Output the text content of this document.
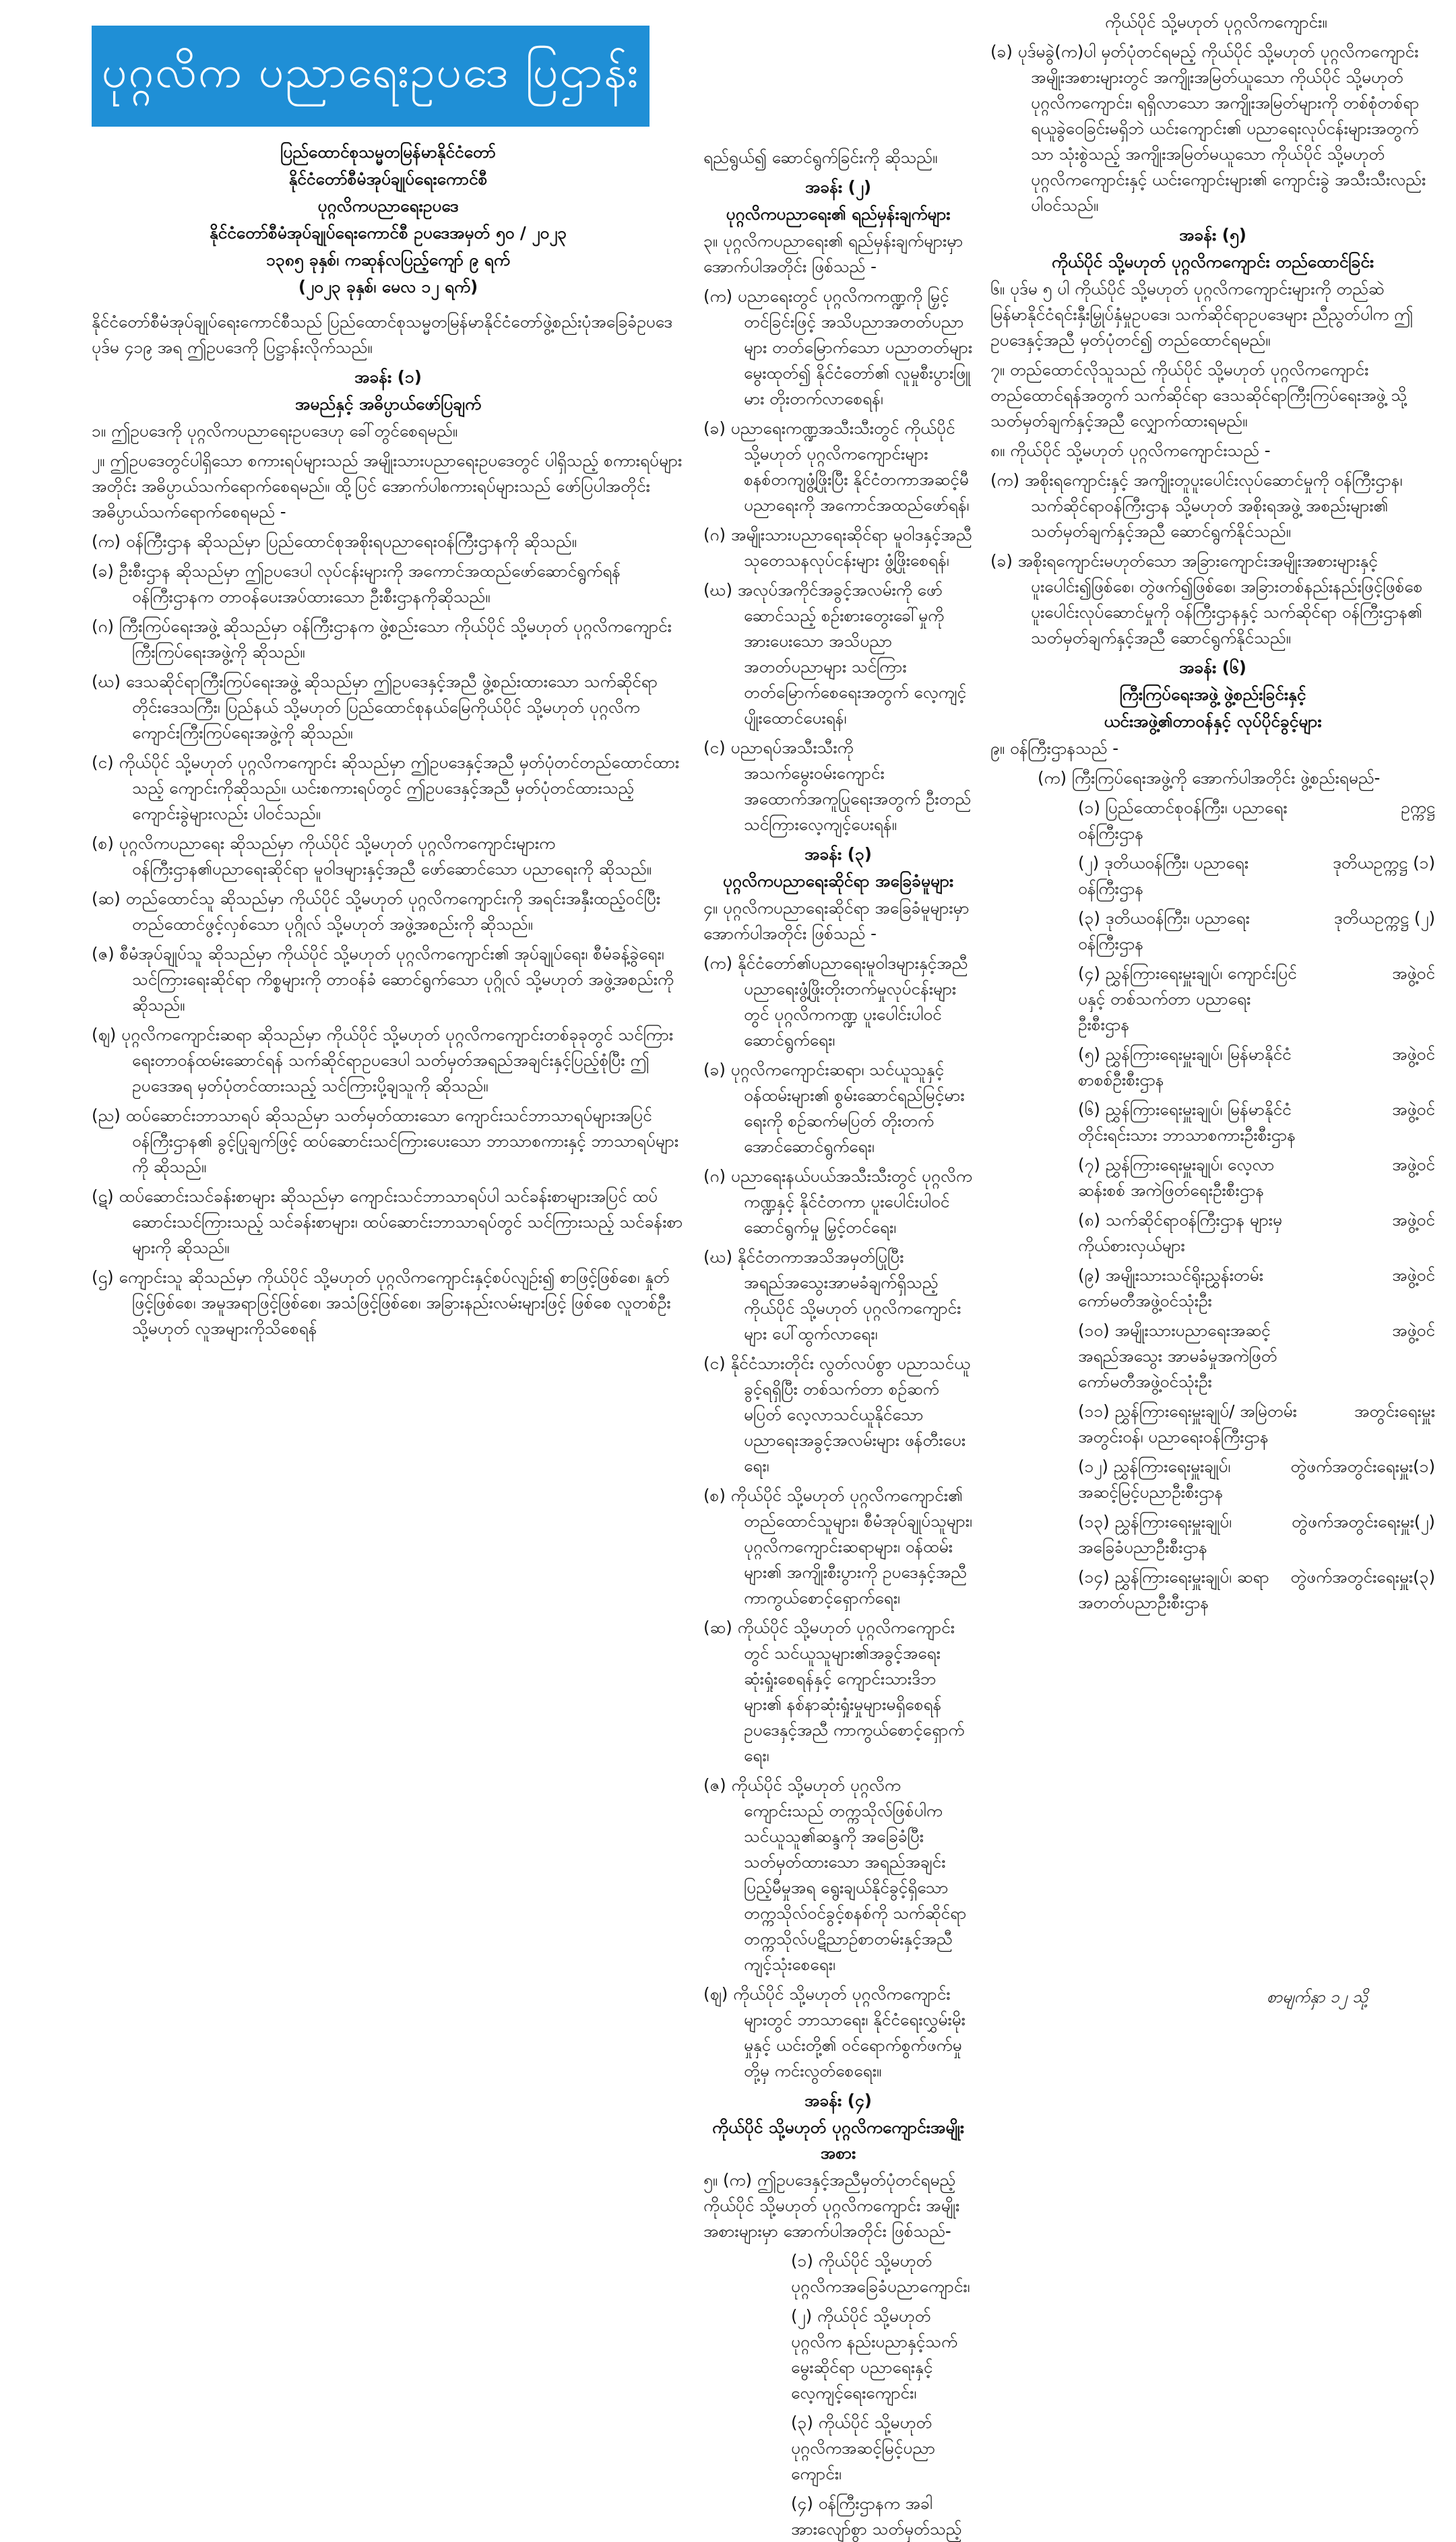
ပုဂ္ဂလိက ပညာရေးဥပဒေ ပြဌာန်း
ပြည်ထောင်စုသမ္မတမြန်မာနိုင်ငံတော်
နိုင်ငံတော်စီမံအုပ်ချုပ်ရေးကောင်စီ
ပုဂ္ဂလိကပညာရေးဥပဒေ
နိုင်ငံတော်စီမံအုပ်ချုပ်ရေးကောင်စီ ဥပဒေအမှတ် ၅၀ / ၂၀၂၃
၁၃၈၅ ခုနှစ်၊ ကဆုန်လပြည့်ကျော် ၉ ရက်
(၂၀၂၃ ခုနှစ်၊ မေလ ၁၂ ရက်)
နိုင်ငံတော်စီမံအုပ်ချုပ်ရေးကောင်စီသည် ပြည်ထောင်စုသမ္မတမြန်မာနိုင်ငံတော်ဖွဲ့စည်းပုံအခြေခံဥပဒေပုဒ်မ ၄၁၉ အရ ဤဥပဒေကို ပြဋ္ဌာန်းလိုက်သည်။
အခန်း (၁)
အမည်နှင့် အဓိပ္ပာယ်ဖော်ပြချက်
၁။ ဤဥပဒေကို ပုဂ္ဂလိကပညာရေးဥပဒေဟု ခေါ်တွင်စေရမည်။
၂။ ဤဥပဒေတွင်ပါရှိသော စကားရပ်များသည် အမျိုးသားပညာရေးဥပဒေတွင် ပါရှိသည့် စကားရပ်များအတိုင်း အဓိပ္ပာယ်သက်ရောက်စေရမည်။ ထို့ပြင် အောက်ပါစကားရပ်များသည် ဖော်ပြပါအတိုင်း အဓိပ္ပာယ်သက်ရောက်စေရမည် -
(က) ဝန်ကြီးဌာန ဆိုသည်မှာ ပြည်ထောင်စုအစိုးရပညာရေးဝန်ကြီးဌာနကို ဆိုသည်။
(ခ) ဦးစီးဌာန ဆိုသည်မှာ ဤဥပဒေပါ လုပ်ငန်းများကို အကောင်အထည်ဖော်ဆောင်ရွက်ရန် ဝန်ကြီးဌာနက တာဝန်ပေးအပ်ထားသော ဦးစီးဌာနကိုဆိုသည်။
(ဂ) ကြီးကြပ်ရေးအဖွဲ့ ဆိုသည်မှာ ဝန်ကြီးဌာနက ဖွဲ့စည်းသော ကိုယ်ပိုင် သို့မဟုတ် ပုဂ္ဂလိကကျောင်းကြီးကြပ်ရေးအဖွဲ့ကို ဆိုသည်။
(ဃ) ဒေသဆိုင်ရာကြီးကြပ်ရေးအဖွဲ့ ဆိုသည်မှာ ဤဥပဒေနှင့်အညီ ဖွဲ့စည်းထားသော သက်ဆိုင်ရာ တိုင်းဒေသကြီး၊ ပြည်နယ် သို့မဟုတ် ပြည်ထောင်စုနယ်မြေကိုယ်ပိုင် သို့မဟုတ် ပုဂ္ဂလိကကျောင်းကြီးကြပ်ရေးအဖွဲ့ကို ဆိုသည်။
(င) ကိုယ်ပိုင် သို့မဟုတ် ပုဂ္ဂလိကကျောင်း ဆိုသည်မှာ ဤဥပဒေနှင့်အညီ မှတ်ပုံတင်တည်ထောင်ထားသည့် ကျောင်းကိုဆိုသည်။ ယင်းစကားရပ်တွင် ဤဥပဒေနှင့်အညီ မှတ်ပုံတင်ထားသည့် ကျောင်းခွဲများလည်း ပါဝင်သည်။
(စ) ပုဂ္ဂလိကပညာရေး ဆိုသည်မှာ ကိုယ်ပိုင် သို့မဟုတ် ပုဂ္ဂလိကကျောင်းများက ဝန်ကြီးဌာန၏ပညာရေးဆိုင်ရာ မူဝါဒများနှင့်အညီ ဖော်ဆောင်သော ပညာရေးကို ဆိုသည်။
(ဆ) တည်ထောင်သူ ဆိုသည်မှာ ကိုယ်ပိုင် သို့မဟုတ် ပုဂ္ဂလိကကျောင်းကို အရင်းအနှီးထည့်ဝင်ပြီး တည်ထောင်ဖွင့်လှစ်သော ပုဂ္ဂိုလ် သို့မဟုတ် အဖွဲ့အစည်းကို ဆိုသည်။
(ဇ) စီမံအုပ်ချုပ်သူ ဆိုသည်မှာ ကိုယ်ပိုင် သို့မဟုတ် ပုဂ္ဂလိကကျောင်း၏ အုပ်ချုပ်ရေး၊ စီမံခန့်ခွဲရေး၊ သင်ကြားရေးဆိုင်ရာ ကိစ္စများကို တာဝန်ခံ ဆောင်ရွက်သော ပုဂ္ဂိုလ် သို့မဟုတ် အဖွဲ့အစည်းကိုဆိုသည်။
(ဈ) ပုဂ္ဂလိကကျောင်းဆရာ ဆိုသည်မှာ ကိုယ်ပိုင် သို့မဟုတ် ပုဂ္ဂလိကကျောင်းတစ်ခုခုတွင် သင်ကြားရေးတာဝန်ထမ်းဆောင်ရန် သက်ဆိုင်ရာဥပဒေပါ သတ်မှတ်အရည်အချင်းနှင့်ပြည့်စုံပြီး ဤဥပဒေအရ မှတ်ပုံတင်ထားသည့် သင်ကြားပို့ချသူကို ဆိုသည်။
(ည) ထပ်ဆောင်းဘာသာရပ် ဆိုသည်မှာ သတ်မှတ်ထားသော ကျောင်းသင်ဘာသာရပ်များအပြင် ဝန်ကြီးဌာန၏ ခွင့်ပြုချက်ဖြင့် ထပ်ဆောင်းသင်ကြားပေးသော ဘာသာစကားနှင့် ဘာသာရပ်များကို ဆိုသည်။
(ဋ) ထပ်ဆောင်းသင်ခန်းစာများ ဆိုသည်မှာ ကျောင်းသင်ဘာသာရပ်ပါ သင်ခန်းစာများအပြင် ထပ်ဆောင်းသင်ကြားသည့် သင်ခန်းစာများ၊ ထပ်ဆောင်းဘာသာရပ်တွင် သင်ကြားသည့် သင်ခန်းစာများကို ဆိုသည်။
(ဌ) ကျောင်းသူ ဆိုသည်မှာ ကိုယ်ပိုင် သို့မဟုတ် ပုဂ္ဂလိကကျောင်းနှင့်စပ်လျဉ်း၍ စာဖြင့်ဖြစ်စေ၊ နှုတ်ဖြင့်ဖြစ်စေ၊ အမူအရာဖြင့်ဖြစ်စေ၊ အသံဖြင့်ဖြစ်စေ၊ အခြားနည်းလမ်းများဖြင့် ဖြစ်စေ လူတစ်ဦး သို့မဟုတ် လူအများကိုသိစေရန်
ရည်ရွယ်၍ ဆောင်ရွက်ခြင်းကို ဆိုသည်။
အခန်း (၂)
ပုဂ္ဂလိကပညာရေး၏ ရည်မှန်းချက်များ
၃။ ပုဂ္ဂလိကပညာရေး၏ ရည်မှန်းချက်များမှာ အောက်ပါအတိုင်း ဖြစ်သည် -
(က) ပညာရေးတွင် ပုဂ္ဂလိကကဏ္ဍကို မြှင့်တင်ခြင်းဖြင့် အသိပညာအတတ်ပညာများ တတ်မြောက်သော ပညာတတ်များ မွေးထုတ်၍ နိုင်ငံတော်၏ လူမှုစီးပွားဖြူမား တိုးတက်လာစေရန်၊
(ခ) ပညာရေးကဏ္ဍအသီးသီးတွင် ကိုယ်ပိုင် သို့မဟုတ် ပုဂ္ဂလိကကျောင်းများ စနစ်တကျဖွံ့ဖြိုးပြီး နိုင်ငံတကာအဆင့်မီ ပညာရေးကို အကောင်အထည်ဖော်ရန်၊
(ဂ) အမျိုးသားပညာရေးဆိုင်ရာ မူဝါဒနှင့်အညီ သုတေသနလုပ်ငန်းများ ဖွံ့ဖြိုးစေရန်၊
(ဃ) အလုပ်အကိုင်အခွင့်အလမ်းကို ဖော်ဆောင်သည့် စဉ်းစားတွေးခေါ်မှုကို အားပေးသော အသိပညာ အတတ်ပညာများ သင်ကြားတတ်မြောက်စေရေးအတွက် လေ့ကျင့်ပျိုးထောင်ပေးရန်၊
(င) ပညာရပ်အသီးသီးကို အသက်မွေးဝမ်းကျောင်း အထောက်အကူပြုရေးအတွက် ဦးတည် သင်ကြားလေ့ကျင့်ပေးရန်။
အခန်း (၃)
ပုဂ္ဂလိကပညာရေးဆိုင်ရာ အခြေခံမူများ
၄။ ပုဂ္ဂလိကပညာရေးဆိုင်ရာ အခြေခံမူများမှာ အောက်ပါအတိုင်း ဖြစ်သည် -
(က) နိုင်ငံတော်၏ပညာရေးမူဝါဒများနှင့်အညီ ပညာရေးဖွံ့ဖြိုးတိုးတက်မှုလုပ်ငန်းများတွင် ပုဂ္ဂလိကကဏ္ဍ ပူးပေါင်းပါဝင်ဆောင်ရွက်ရေး၊
(ခ) ပုဂ္ဂလိကကျောင်းဆရာ၊ သင်ယူသူနှင့် ဝန်ထမ်းများ၏ စွမ်းဆောင်ရည်မြင့်မားရေးကို စဉ်ဆက်မပြတ် တိုးတက်အောင်ဆောင်ရွက်ရေး၊
(ဂ) ပညာရေးနယ်ပယ်အသီးသီးတွင် ပုဂ္ဂလိကကဏ္ဍနှင့် နိုင်ငံတကာ ပူးပေါင်းပါဝင်ဆောင်ရွက်မှု မြှင့်တင်ရေး၊
(ဃ) နိုင်ငံတကာအသိအမှတ်ပြုပြီး အရည်အသွေးအာမခံချက်ရှိသည့် ကိုယ်ပိုင် သို့မဟုတ် ပုဂ္ဂလိကကျောင်းများ ပေါ်ထွက်လာရေး၊
(င) နိုင်ငံသားတိုင်း လွတ်လပ်စွာ ပညာသင်ယူခွင့်ရရှိပြီး တစ်သက်တာ စဉ်ဆက်မပြတ် လေ့လာသင်ယူနိုင်သော ပညာရေးအခွင့်အလမ်းများ ဖန်တီးပေးရေး၊
(စ) ကိုယ်ပိုင် သို့မဟုတ် ပုဂ္ဂလိကကျောင်း၏ တည်ထောင်သူများ၊ စီမံအုပ်ချုပ်သူများ၊ ပုဂ္ဂလိကကျောင်းဆရာများ၊ ဝန်ထမ်းများ၏ အကျိုးစီးပွားကို ဥပဒေနှင့်အညီ ကာကွယ်စောင့်ရှောက်ရေး၊
(ဆ) ကိုယ်ပိုင် သို့မဟုတ် ပုဂ္ဂလိကကျောင်းတွင် သင်ယူသူများ၏အခွင့်အရေး ဆုံးရှုံးစေရန်နှင့် ကျောင်းသားဒိဘများ၏ နစ်နာဆုံးရှုံးမှုများမရှိစေရန် ဥပဒေနှင့်အညီ ကာကွယ်စောင့်ရှောက်ရေး၊
(ဇ) ကိုယ်ပိုင် သို့မဟုတ် ပုဂ္ဂလိကကျောင်းသည် တက္ကသိုလ်ဖြစ်ပါက သင်ယူသူ၏ဆန္ဒကို အခြေခံပြီး သတ်မှတ်ထားသော အရည်အချင်းပြည့်မီမှုအရ ရွေးချယ်နိုင်ခွင့်ရှိသော တက္ကသိုလ်ဝင်ခွင့်စနစ်ကို သက်ဆိုင်ရာ တက္ကသိုလ်ပဋိညာဉ်စာတမ်းနှင့်အညီ ကျင့်သုံးစေရေး၊
(ဈ) ကိုယ်ပိုင် သို့မဟုတ် ပုဂ္ဂလိကကျောင်းများတွင် ဘာသာရေး၊ နိုင်ငံရေးလွှမ်းမိုးမှုနှင့် ယင်းတို့၏ ဝင်ရောက်စွက်ဖက်မှုတို့မှ ကင်းလွတ်စေရေး။
အခန်း (၄)
ကိုယ်ပိုင် သို့မဟုတ် ပုဂ္ဂလိကကျောင်းအမျိုးအစား
၅။ (က) ဤဥပဒေနှင့်အညီမှတ်ပုံတင်ရမည့် ကိုယ်ပိုင် သို့မဟုတ် ပုဂ္ဂလိကကျောင်း အမျိုးအစားများမှာ အောက်ပါအတိုင်း ဖြစ်သည်-
(၁) ကိုယ်ပိုင် သို့မဟုတ် ပုဂ္ဂလိကအခြေခံပညာကျောင်း၊
(၂) ကိုယ်ပိုင် သို့မဟုတ် ပုဂ္ဂလိက နည်းပညာနှင့်သက်မွေးဆိုင်ရာ ပညာရေးနှင့် လေ့ကျင့်ရေးကျောင်း၊
(၃) ကိုယ်ပိုင် သို့မဟုတ် ပုဂ္ဂလိကအဆင့်မြင့်ပညာကျောင်း၊
(၄) ဝန်ကြီးဌာနက အခါအားလျော်စွာ သတ်မှတ်သည့်
ကိုယ်ပိုင် သို့မဟုတ် ပုဂ္ဂလိကကျောင်း။
(ခ) ပုဒ်မခွဲ(က)ပါ မှတ်ပုံတင်ရမည့် ကိုယ်ပိုင် သို့မဟုတ် ပုဂ္ဂလိကကျောင်း အမျိုးအစားများတွင် အကျိုးအမြတ်ယူသော ကိုယ်ပိုင် သို့မဟုတ် ပုဂ္ဂလိကကျောင်း၊ ရရှိလာသော အကျိုးအမြတ်များကို တစ်စုံတစ်ရာ ရယူခွဲဝေခြင်းမရှိဘဲ ယင်းကျောင်း၏ ပညာရေးလုပ်ငန်းများအတွက်သာ သုံးစွဲသည့် အကျိုးအမြတ်မယူသော ကိုယ်ပိုင် သို့မဟုတ် ပုဂ္ဂလိကကျောင်းနှင့် ယင်းကျောင်းများ၏ ကျောင်းခွဲ အသီးသီးလည်း ပါဝင်သည်။
အခန်း (၅)
ကိုယ်ပိုင် သို့မဟုတ် ပုဂ္ဂလိကကျောင်း တည်ထောင်ခြင်း
၆။ ပုဒ်မ ၅ ပါ ကိုယ်ပိုင် သို့မဟုတ် ပုဂ္ဂလိကကျောင်းများကို တည်ဆဲမြန်မာနိုင်ငံရင်းနှီးမြှုပ်နှံမှုဥပဒေ၊ သက်ဆိုင်ရာဥပဒေများ ညီညွတ်ပါက ဤဥပဒေနှင့်အညီ မှတ်ပုံတင်၍ တည်ထောင်ရမည်။
၇။ တည်ထောင်လိုသူသည် ကိုယ်ပိုင် သို့မဟုတ် ပုဂ္ဂလိကကျောင်း တည်ထောင်ရန်အတွက် သက်ဆိုင်ရာ ဒေသဆိုင်ရာကြီးကြပ်ရေးအဖွဲ့ သို့ သတ်မှတ်ချက်နှင့်အညီ လျှောက်ထားရမည်။
၈။ ကိုယ်ပိုင် သို့မဟုတ် ပုဂ္ဂလိကကျောင်းသည် -
(က) အစိုးရကျောင်းနှင့် အကျိုးတူပူးပေါင်းလုပ်ဆောင်မှုကို ဝန်ကြီးဌာန၊ သက်ဆိုင်ရာဝန်ကြီးဌာန သို့မဟုတ် အစိုးရအဖွဲ့ အစည်းများ၏ သတ်မှတ်ချက်နှင့်အညီ ဆောင်ရွက်နိုင်သည်။
(ခ) အစိုးရကျောင်းမဟုတ်သော အခြားကျောင်းအမျိုးအစားများနှင့် ပူးပေါင်း၍ဖြစ်စေ၊ တွဲဖက်၍ဖြစ်စေ၊ အခြားတစ်နည်းနည်းဖြင့်ဖြစ်စေ ပူးပေါင်းလုပ်ဆောင်မှုကို ဝန်ကြီးဌာနနှင့် သက်ဆိုင်ရာ ဝန်ကြီးဌာန၏ သတ်မှတ်ချက်နှင့်အညီ ဆောင်ရွက်နိုင်သည်။
အခန်း (၆)
ကြီးကြပ်ရေးအဖွဲ့ ဖွဲ့စည်းခြင်းနှင့်
ယင်းအဖွဲ့၏တာဝန်နှင့် လုပ်ပိုင်ခွင့်များ
၉။ ဝန်ကြီးဌာနသည် -
(က) ကြီးကြပ်ရေးအဖွဲ့ကို အောက်ပါအတိုင်း ဖွဲ့စည်းရမည်-
(၁) ပြည်ထောင်စုဝန်ကြီး၊ ပညာရေးဝန်ကြီးဌာန
ဥက္ကဋ္ဌ
(၂) ဒုတိယဝန်ကြီး၊ ပညာရေးဝန်ကြီးဌာန
ဒုတိယဥက္ကဋ္ဌ (၁)
(၃) ဒုတိယဝန်ကြီး၊ ပညာရေးဝန်ကြီးဌာန
ဒုတိယဥက္ကဋ္ဌ (၂)
(၄) ညွှန်ကြားရေးမှူးချုပ်၊ ကျောင်းပြင်ပနှင့် တစ်သက်တာ ပညာရေးဦးစီးဌာန
အဖွဲ့ဝင်
(၅) ညွှန်ကြားရေးမှူးချုပ်၊ မြန်မာနိုင်ငံစာစစ်ဦးစီးဌာန
အဖွဲ့ဝင်
(၆) ညွှန်ကြားရေးမှူးချုပ်၊ မြန်မာနိုင်ငံတိုင်းရင်းသား ဘာသာစကားဦးစီးဌာန
အဖွဲ့ဝင်
(၇) ညွှန်ကြားရေးမှူးချုပ်၊ လေ့လာဆန်းစစ် အကဲဖြတ်ရေးဦးစီးဌာန
အဖွဲ့ဝင်
(၈) သက်ဆိုင်ရာဝန်ကြီးဌာန များမှကိုယ်စားလှယ်များ
အဖွဲ့ဝင်
(၉) အမျိုးသားသင်ရိုးညွှန်းတမ်း ကော်မတီအဖွဲ့ဝင်သုံးဦး
အဖွဲ့ဝင်
(၁၀) အမျိုးသားပညာရေးအဆင့်အရည်အသွေး အာမခံမှုအကဲဖြတ် ကော်မတီအဖွဲ့ဝင်သုံးဦး
အဖွဲ့ဝင်
(၁၁) ညွှန်ကြားရေးမှူးချုပ်/ အမြဲတမ်းအတွင်းဝန်၊ ပညာရေးဝန်ကြီးဌာန
အတွင်းရေးမှူး
(၁၂) ညွှန်ကြားရေးမှူးချုပ်၊ အဆင့်မြင့်ပညာဦးစီးဌာန
တွဲဖက်အတွင်းရေးမှူး(၁)
(၁၃) ညွှန်ကြားရေးမှူးချုပ်၊ အခြေခံပညာဦးစီးဌာန
တွဲဖက်အတွင်းရေးမှူး(၂)
(၁၄) ညွှန်ကြားရေးမှူးချုပ်၊ ဆရာအတတ်ပညာဦးစီးဌာန
တွဲဖက်အတွင်းရေးမှူး(၃)
စာမျက်နှာ ၁၂ သို့
